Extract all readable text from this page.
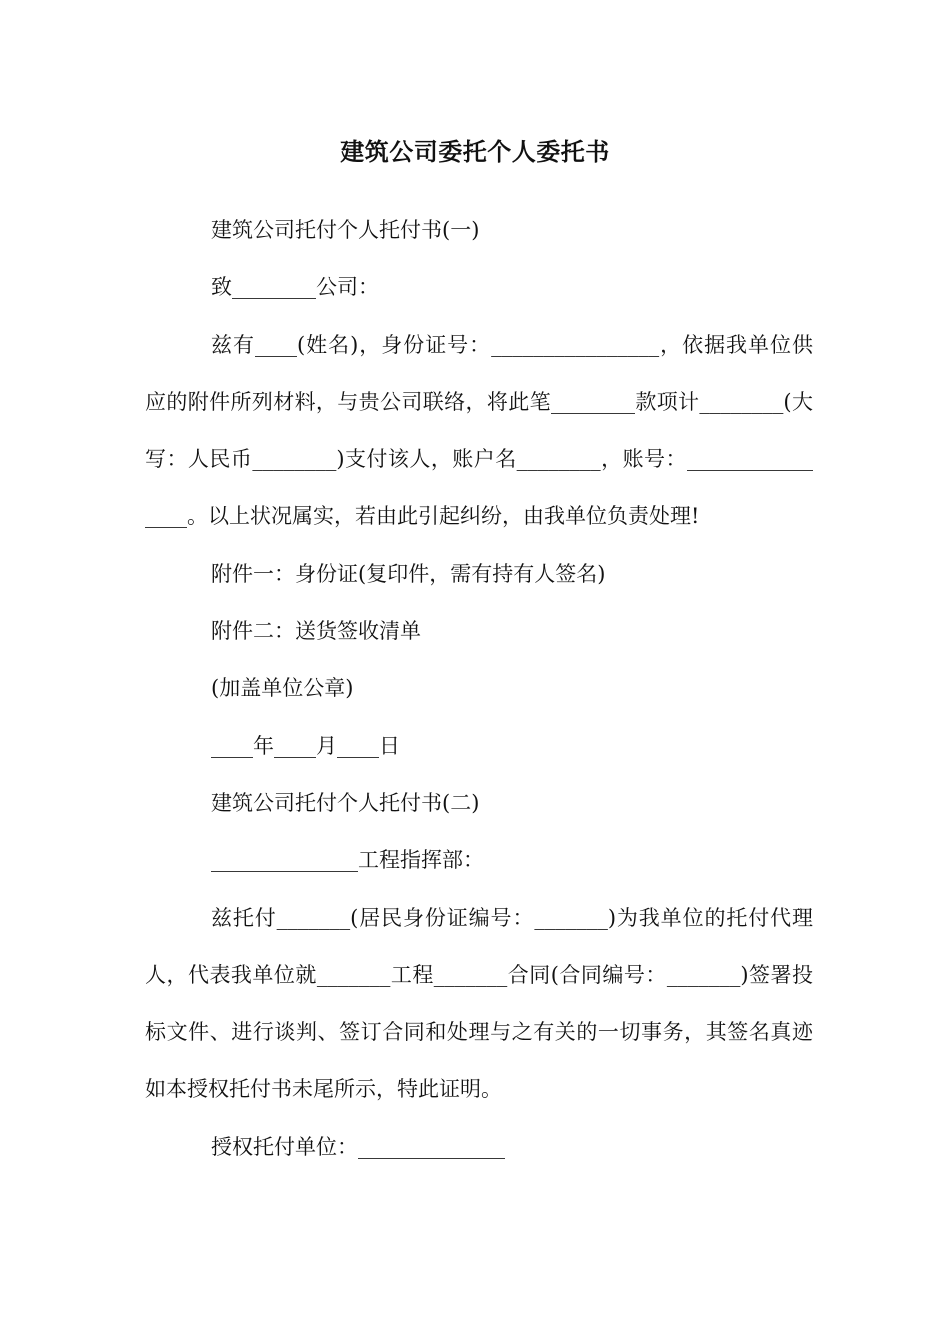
建筑公司委托个人委托书

建筑公司托付个人托付书(一)

致________公司：

兹有____(姓名)，身份证号：________________，依据我单位供应的附件所列材料，与贵公司联络，将此笔________款项计________(大写：人民币________)支付该人，账户名________，账号：________________。以上状况属实，若由此引起纠纷，由我单位负责处理!

附件一：身份证(复印件，需有持有人签名)

附件二：送货签收清单

(加盖单位公章)

____年____月____日

建筑公司托付个人托付书(二)

______________工程指挥部：

兹托付_______(居民身份证编号：_______)为我单位的托付代理人，代表我单位就_______工程_______合同(合同编号：_______)签署投标文件、进行谈判、签订合同和处理与之有关的一切事务，其签名真迹如本授权托付书未尾所示，特此证明。

授权托付单位：______________
